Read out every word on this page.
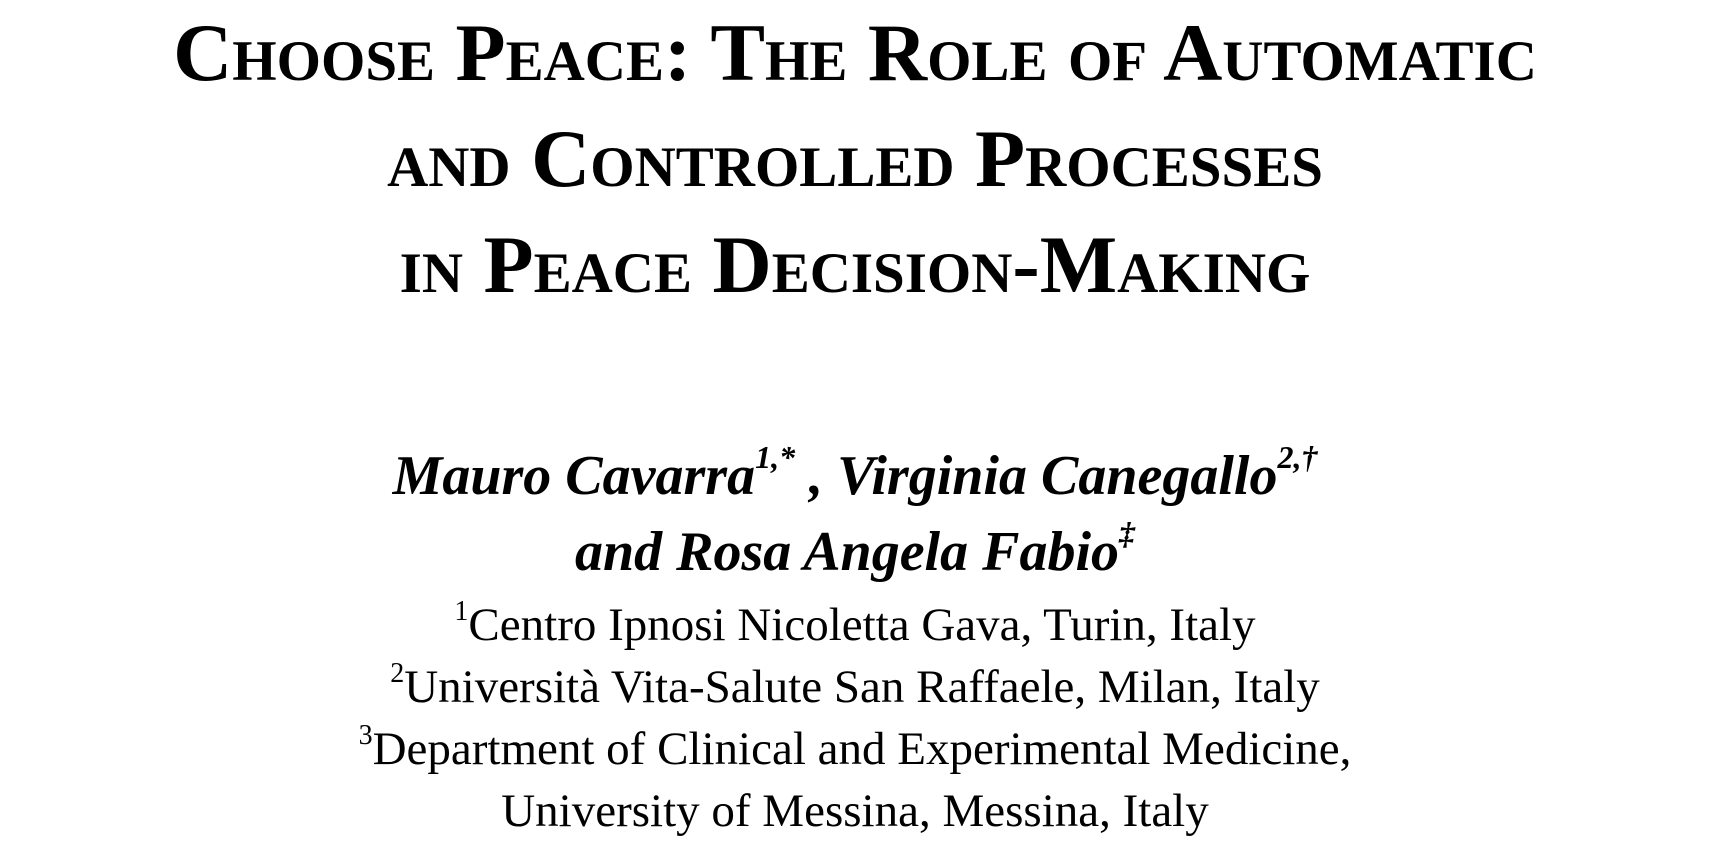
Choose Peace: The Role of Automatic
and Controlled Processes
in Peace Decision-Making
Mauro Cavarra$^{1,*}$ , Virginia Canegallo$^{2,\dagger}$
and Rosa Angela Fabio‡
$^1$Centro Ipnosi Nicoletta Gava, Turin, Italy
$^2$Università Vita-Salute San Raffaele, Milan, Italy
$^3$Department of Clinical and Experimental Medicine,
University of Messina, Messina, Italy
